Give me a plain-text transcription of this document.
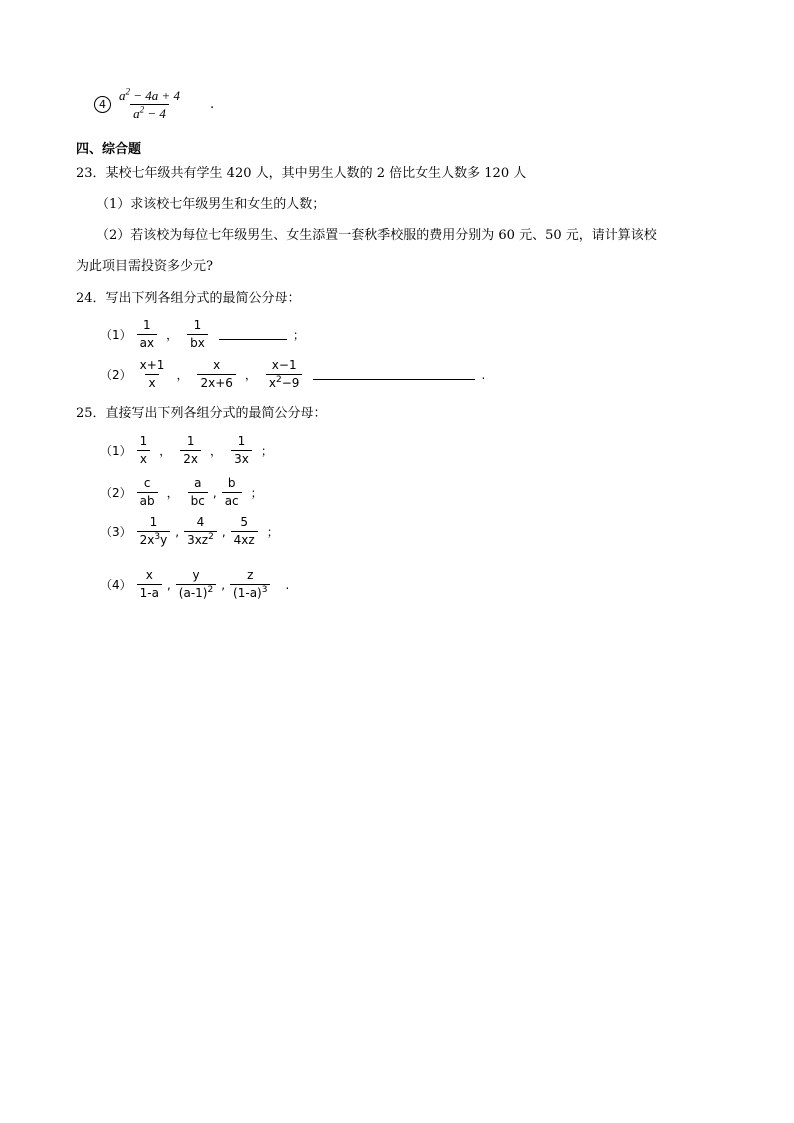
$4 \frac{a^2 - 4a + 4}{a^2 - 4}$ .
四、综合题
23．某校七年级共有学生 420 人，其中男生人数的 2 倍比女生人数多 120 人
（1）求该校七年级男生和女生的人数；
（2）若该校为每位七年级男生、女生添置一套秋季校服的费用分别为 60 元、50 元，请计算该校
为此项目需投资多少元?
24．写出下列各组分式的最简公分母：
$(1) \frac{1}{ax}$ ， $\frac{1}{bx}$	；
$(2) \frac{x+1}{x}$ ， $\frac{x}{2x+6}$ ， $\frac{x-1}{x^2-9}$	.
25．直接写出下列各组分式的最简公分母：
$(1) \frac{1}{x}$ ， $\frac{1}{2x}$ ， $\frac{1}{3x}$ ；
$(2) \frac{c}{ab}$ ， $\frac{a}{bc}$ , $\frac{b}{ac}$ ；
$(3) \frac{1}{2x^3y}$ , $\frac{4}{3xz^2}$ , $\frac{5}{4xz}$ ；
$(4) \frac{x}{1-a}$ , $\frac{y}{(a-1)^2}$ , $\frac{z}{(1-a)^3}$ .
